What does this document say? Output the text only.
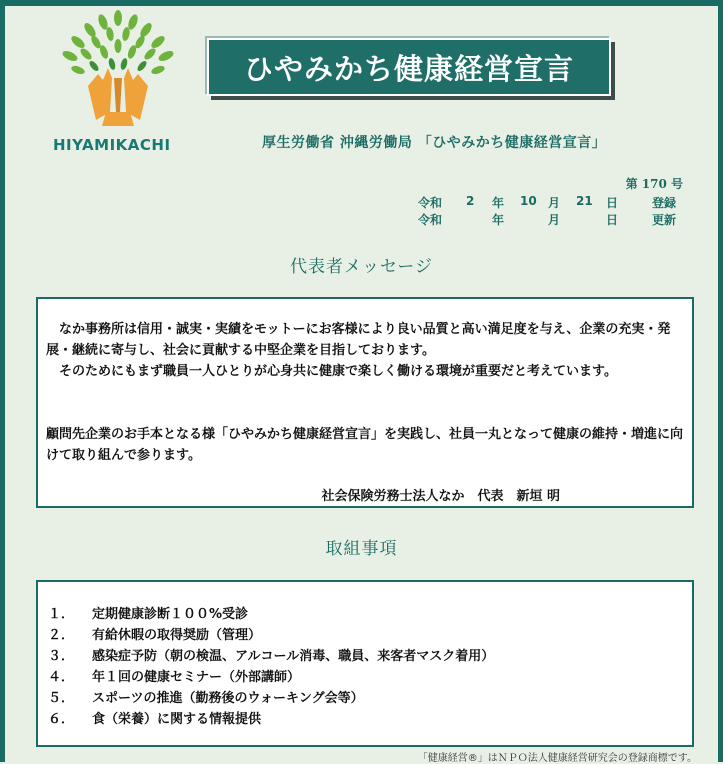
HIYAMIKACHI
ひやみかち健康経営宣言
厚生労働省 沖縄労働局 「ひやみかち健康経営宣言」
第 170 号
令和 2 年 10 月 21 日	登録
令和	年	月	日	更新
代表者メッセージ
なか事務所は信用・誠実・実績をモットーにお客様により良い品質と高い満足度を与え、企業の充実・発展・継続に寄与し、社会に貢献する中堅企業を目指しております。
そのためにもまず職員一人ひとりが心身共に健康で楽しく働ける環境が重要だと考えています。
顧問先企業のお手本となる様「ひやみかち健康経営宣言」を実践し、社員一丸となって健康の維持・増進に向けて取り組んで参ります。
社会保険労務士法人なか　代表　新垣 明
取組事項
１． 定期健康診断１００%受診
２． 有給休暇の取得奨励（管理）
３． 感染症予防（朝の検温、アルコール消毒、職員、来客者マスク着用）
４． 年１回の健康セミナー（外部講師）
５． スポーツの推進（勤務後のウォーキング会等）
６． 食（栄養）に関する情報提供
「健康経営®」はＮＰＯ法人健康経営研究会の登録商標です。
